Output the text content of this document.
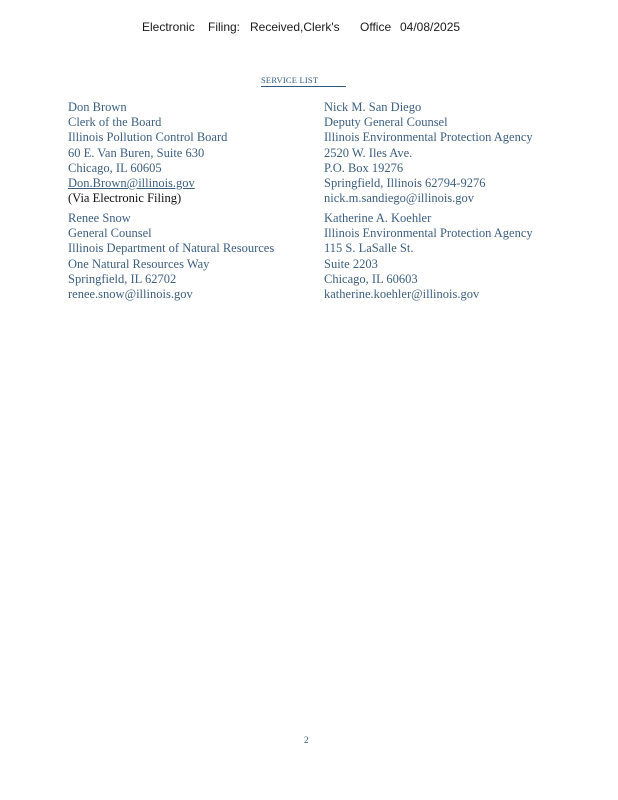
Electronic Filing: Received,Clerk's Office 04/08/2025
SERVICE LIST
Don Brown
Clerk of the Board
Illinois Pollution Control Board
60 E. Van Buren, Suite 630
Chicago, IL 60605
Don.Brown@illinois.gov
(Via Electronic Filing)
Nick M. San Diego
Deputy General Counsel
Illinois Environmental Protection Agency
2520 W. Iles Ave.
P.O. Box 19276
Springfield, Illinois 62794-9276
nick.m.sandiego@illinois.gov
Renee Snow
General Counsel
Illinois Department of Natural Resources
One Natural Resources Way
Springfield, IL 62702
renee.snow@illinois.gov
Katherine A. Koehler
Illinois Environmental Protection Agency
115 S. LaSalle St.
Suite 2203
Chicago, IL 60603
katherine.koehler@illinois.gov
2
